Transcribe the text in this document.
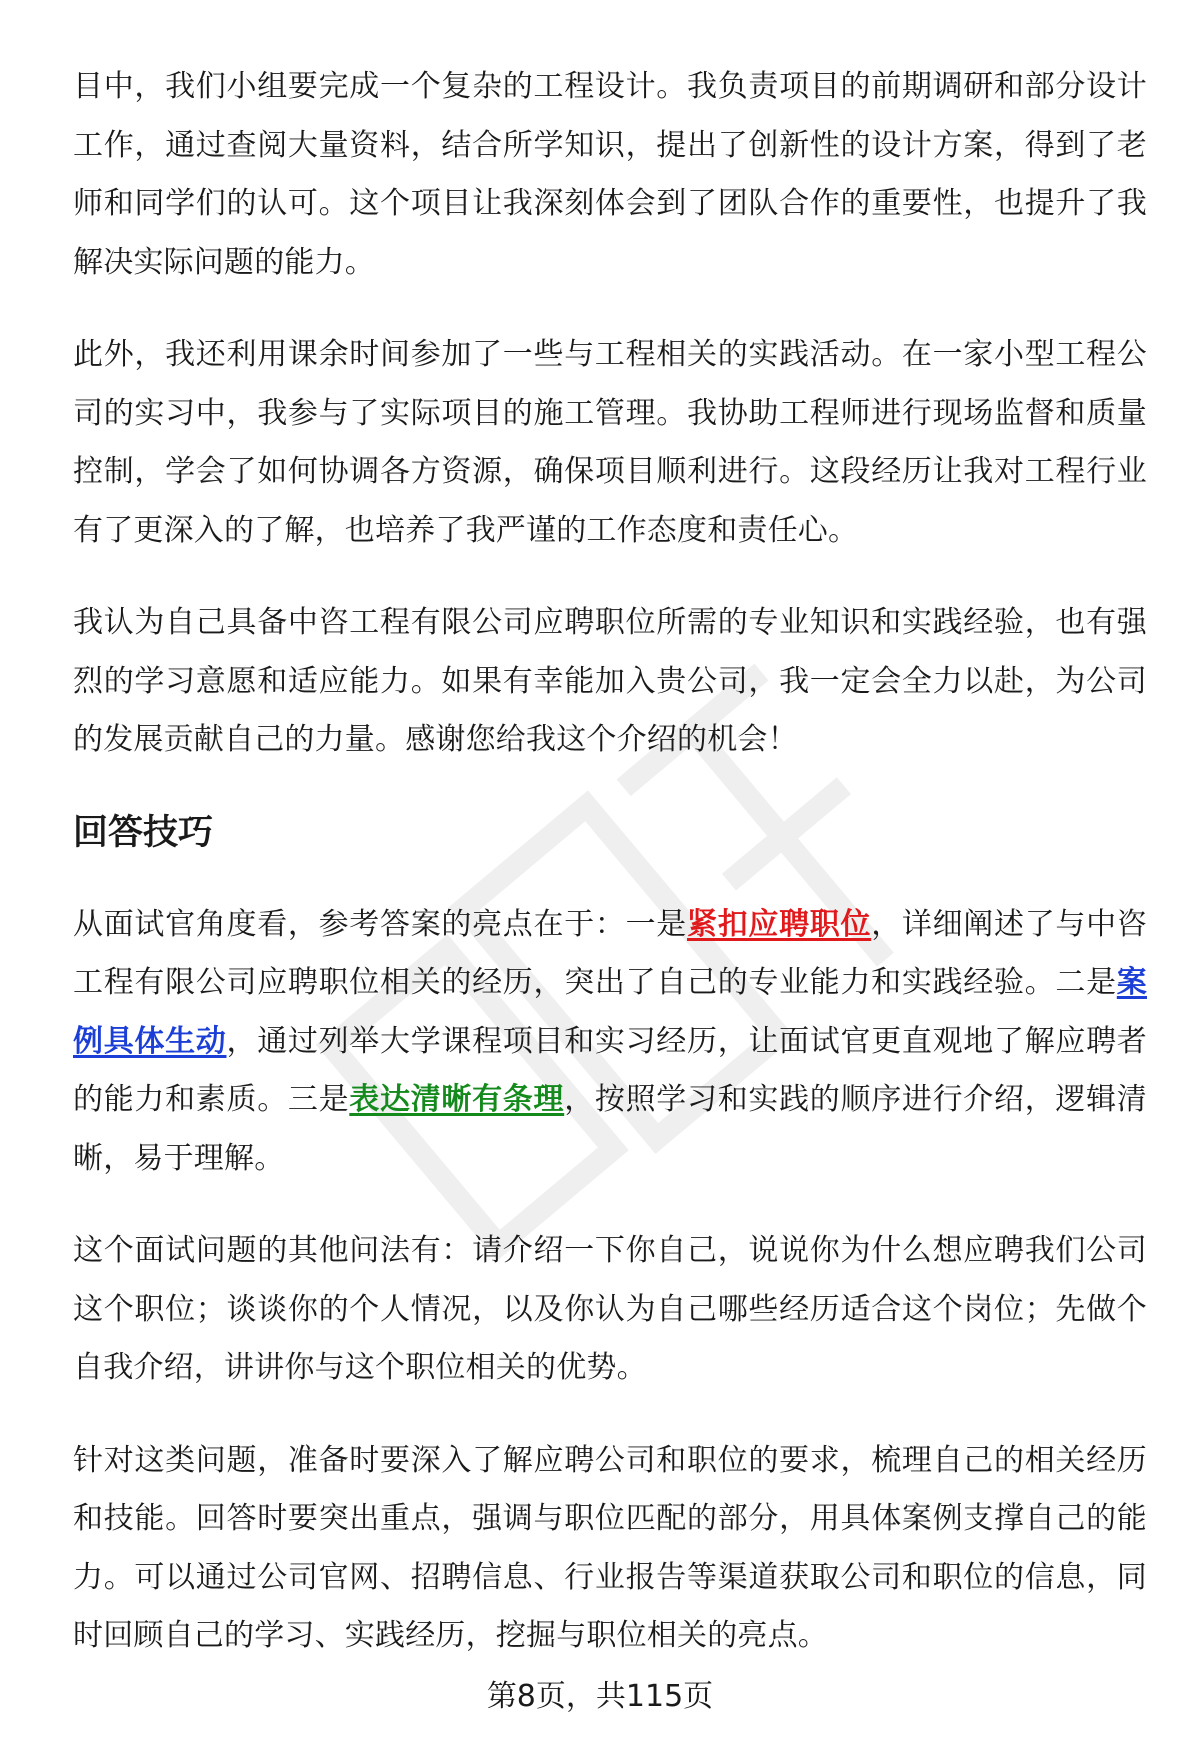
目中，我们小组要完成一个复杂的工程设计。我负责项目的前期调研和部分设计工作，通过查阅大量资料，结合所学知识，提出了创新性的设计方案，得到了老师和同学们的认可。这个项目让我深刻体会到了团队合作的重要性，也提升了我解决实际问题的能力。

此外，我还利用课余时间参加了一些与工程相关的实践活动。在一家小型工程公司的实习中，我参与了实际项目的施工管理。我协助工程师进行现场监督和质量控制，学会了如何协调各方资源，确保项目顺利进行。这段经历让我对工程行业有了更深入的了解，也培养了我严谨的工作态度和责任心。

我认为自己具备中咨工程有限公司应聘职位所需的专业知识和实践经验，也有强烈的学习意愿和适应能力。如果有幸能加入贵公司，我一定会全力以赴，为公司的发展贡献自己的力量。感谢您给我这个介绍的机会！

回答技巧

从面试官角度看，参考答案的亮点在于：一是紧扣应聘职位，详细阐述了与中咨工程有限公司应聘职位相关的经历，突出了自己的专业能力和实践经验。二是案例具体生动，通过列举大学课程项目和实习经历，让面试官更直观地了解应聘者的能力和素质。三是表达清晰有条理，按照学习和实践的顺序进行介绍，逻辑清晰，易于理解。

这个面试问题的其他问法有：请介绍一下你自己，说说你为什么想应聘我们公司这个职位；谈谈你的个人情况，以及你认为自己哪些经历适合这个岗位；先做个自我介绍，讲讲你与这个职位相关的优势。

针对这类问题，准备时要深入了解应聘公司和职位的要求，梳理自己的相关经历和技能。回答时要突出重点，强调与职位匹配的部分，用具体案例支撑自己的能力。可以通过公司官网、招聘信息、行业报告等渠道获取公司和职位的信息，同时回顾自己的学习、实践经历，挖掘与职位相关的亮点。

第8页，共115页
